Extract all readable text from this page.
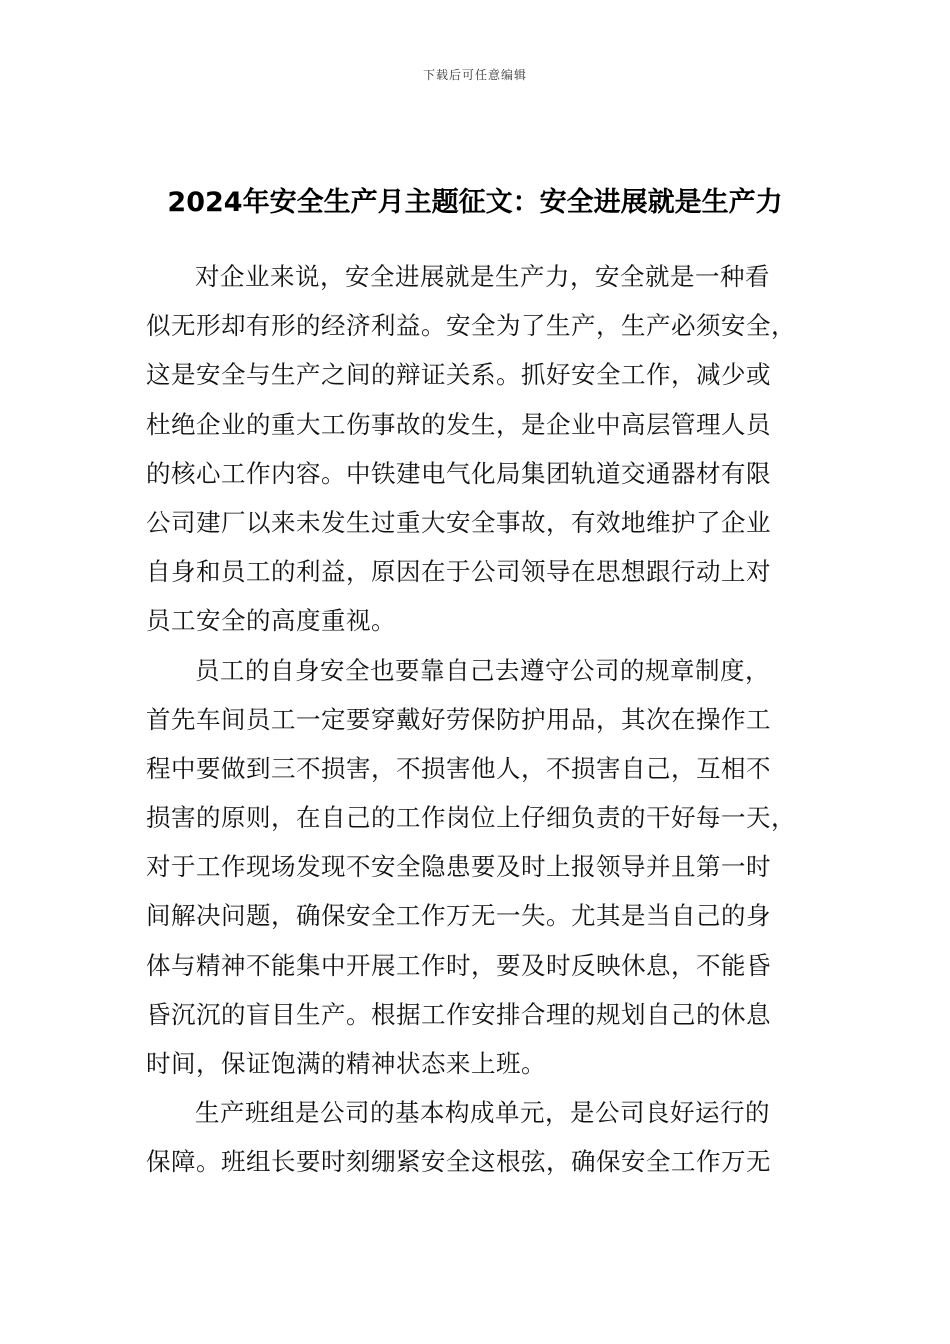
下载后可任意编辑
2024年安全生产月主题征文：安全进展就是生产力
对企业来说，安全进展就是生产力，安全就是一种看
似无形却有形的经济利益。安全为了生产，生产必须安全，
这是安全与生产之间的辩证关系。抓好安全工作，减少或
杜绝企业的重大工伤事故的发生，是企业中高层管理人员
的核心工作内容。中铁建电气化局集团轨道交通器材有限
公司建厂以来未发生过重大安全事故，有效地维护了企业
自身和员工的利益，原因在于公司领导在思想跟行动上对
员工安全的高度重视。
员工的自身安全也要靠自己去遵守公司的规章制度，
首先车间员工一定要穿戴好劳保防护用品，其次在操作工
程中要做到三不损害，不损害他人，不损害自己，互相不
损害的原则，在自己的工作岗位上仔细负责的干好每一天，
对于工作现场发现不安全隐患要及时上报领导并且第一时
间解决问题，确保安全工作万无一失。尤其是当自己的身
体与精神不能集中开展工作时，要及时反映休息，不能昏
昏沉沉的盲目生产。根据工作安排合理的规划自己的休息
时间，保证饱满的精神状态来上班。
生产班组是公司的基本构成单元，是公司良好运行的
保障。班组长要时刻绷紧安全这根弦，确保安全工作万无
